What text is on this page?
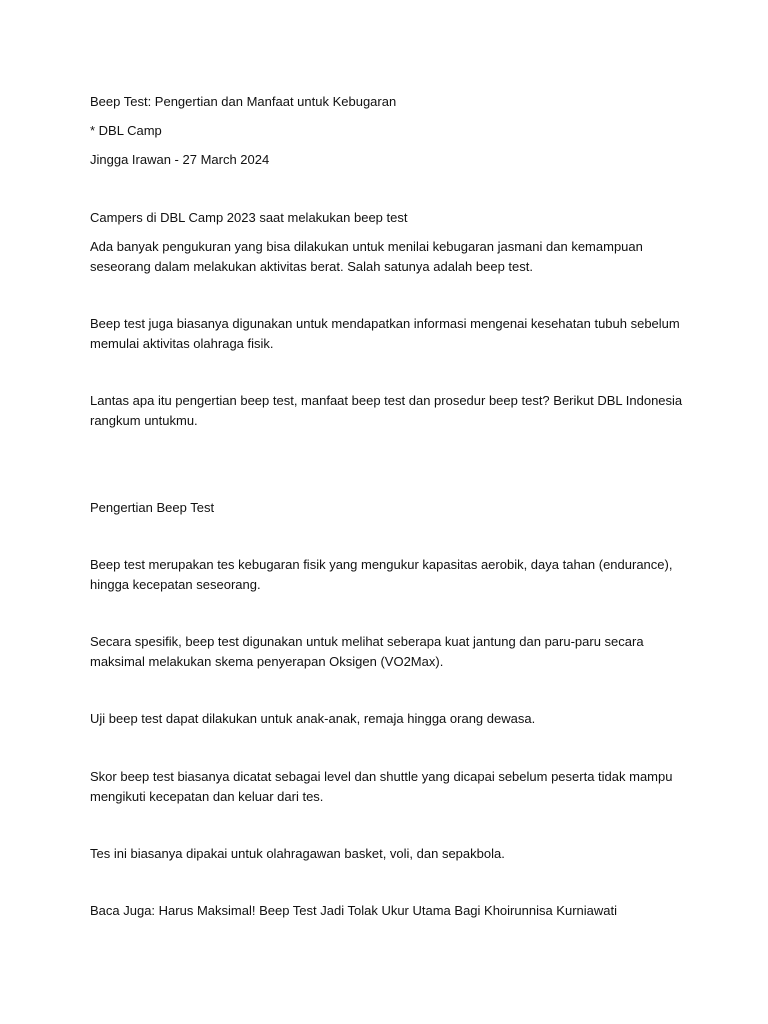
Beep Test: Pengertian dan Manfaat untuk Kebugaran
* DBL Camp
Jingga Irawan - 27 March 2024
Campers di DBL Camp 2023 saat melakukan beep test
Ada banyak pengukuran yang bisa dilakukan untuk menilai kebugaran jasmani dan kemampuan seseorang dalam melakukan aktivitas berat. Salah satunya adalah beep test.
Beep test juga biasanya digunakan untuk mendapatkan informasi mengenai kesehatan tubuh sebelum memulai aktivitas olahraga fisik.
Lantas apa itu pengertian beep test, manfaat beep test dan prosedur beep test? Berikut DBL Indonesia rangkum untukmu.
Pengertian Beep Test
Beep test merupakan tes kebugaran fisik yang mengukur kapasitas aerobik, daya tahan (endurance), hingga kecepatan seseorang.
Secara spesifik, beep test digunakan untuk melihat seberapa kuat jantung dan paru-paru secara maksimal melakukan skema penyerapan Oksigen (VO2Max).
Uji beep test dapat dilakukan untuk anak-anak, remaja hingga orang dewasa.
Skor beep test biasanya dicatat sebagai level dan shuttle yang dicapai sebelum peserta tidak mampu mengikuti kecepatan dan keluar dari tes.
Tes ini biasanya dipakai untuk olahragawan basket, voli, dan sepakbola.
Baca Juga: Harus Maksimal! Beep Test Jadi Tolak Ukur Utama Bagi Khoirunnisa Kurniawati
